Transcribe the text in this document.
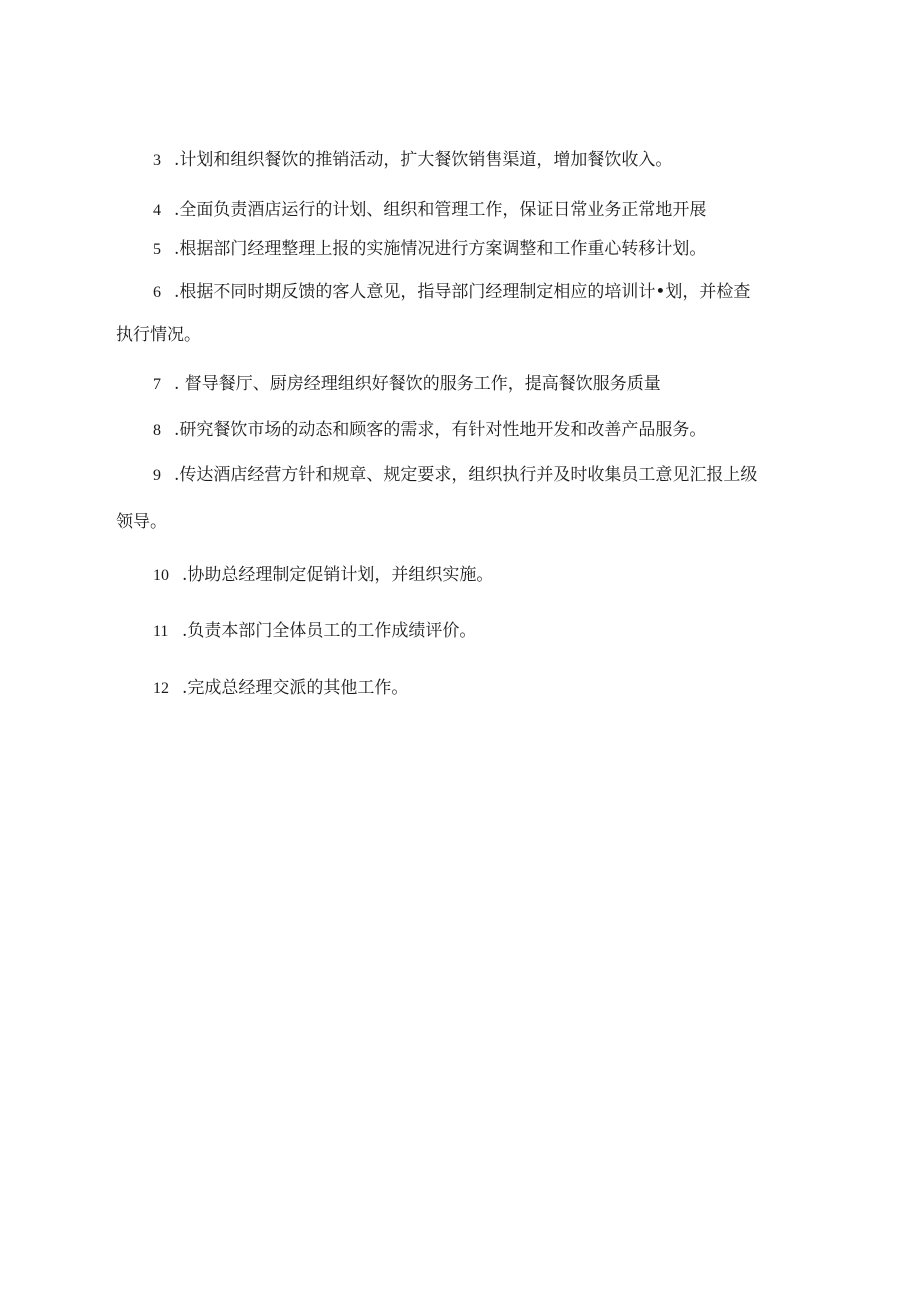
3 .计划和组织餐饮的推销活动，扩大餐饮销售渠道，增加餐饮收入。
4 .全面负责酒店运行的计划、组织和管理工作，保证日常业务正常地开展
5 .根据部门经理整理上报的实施情况进行方案调整和工作重心转移计划。
6 .根据不同时期反馈的客人意见，指导部门经理制定相应的培训计•划，并检查
执行情况。
7 . 督导餐厅、厨房经理组织好餐饮的服务工作，提高餐饮服务质量
8 .研究餐饮市场的动态和顾客的需求，有针对性地开发和改善产品服务。
9 .传达酒店经营方针和规章、规定要求，组织执行并及时收集员工意见汇报上级
领导。
10 .协助总经理制定促销计划，并组织实施。
11 .负责本部门全体员工的工作成绩评价。
12 .完成总经理交派的其他工作。
